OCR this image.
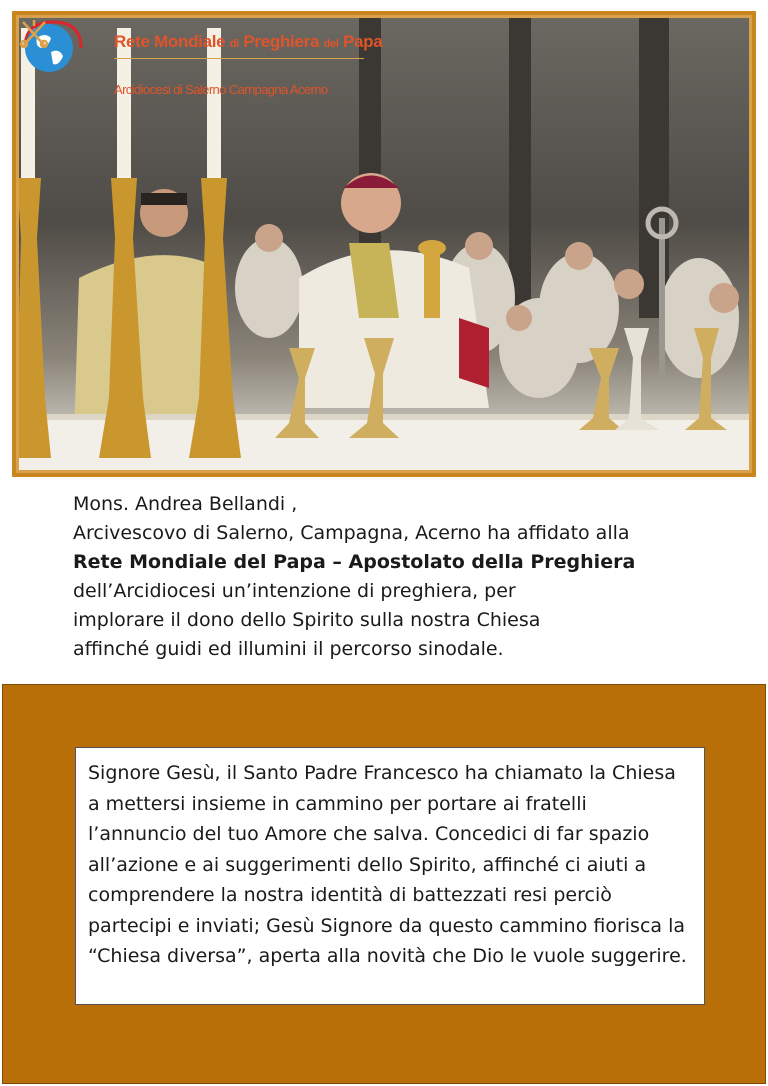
Rete Mondiale di Preghiera del Papa
Arcidiocesi di Salerno Campagna Acerno

Mons. Andrea Bellandi ,

Arcivescovo di Salerno, Campagna, Acerno ha affidato alla

Rete Mondiale del Papa – Apostolato della Preghiera

dell’Arcidiocesi un’intenzione di preghiera, per

implorare il dono dello Spirito sulla nostra Chiesa

affinché guidi ed illumini il percorso sinodale.

Signore Gesù, il Santo Padre Francesco ha chiamato la Chiesa a mettersi insieme in cammino per portare ai fratelli l’annuncio del tuo Amore che salva. Concedici di far spazio all’azione e ai suggerimenti dello Spirito, affinché ci aiuti a comprendere la nostra identità di battezzati resi perciò partecipi e inviati; Gesù Signore da questo cammino fiorisca la “Chiesa diversa”, aperta alla novità che Dio le vuole suggerire.
